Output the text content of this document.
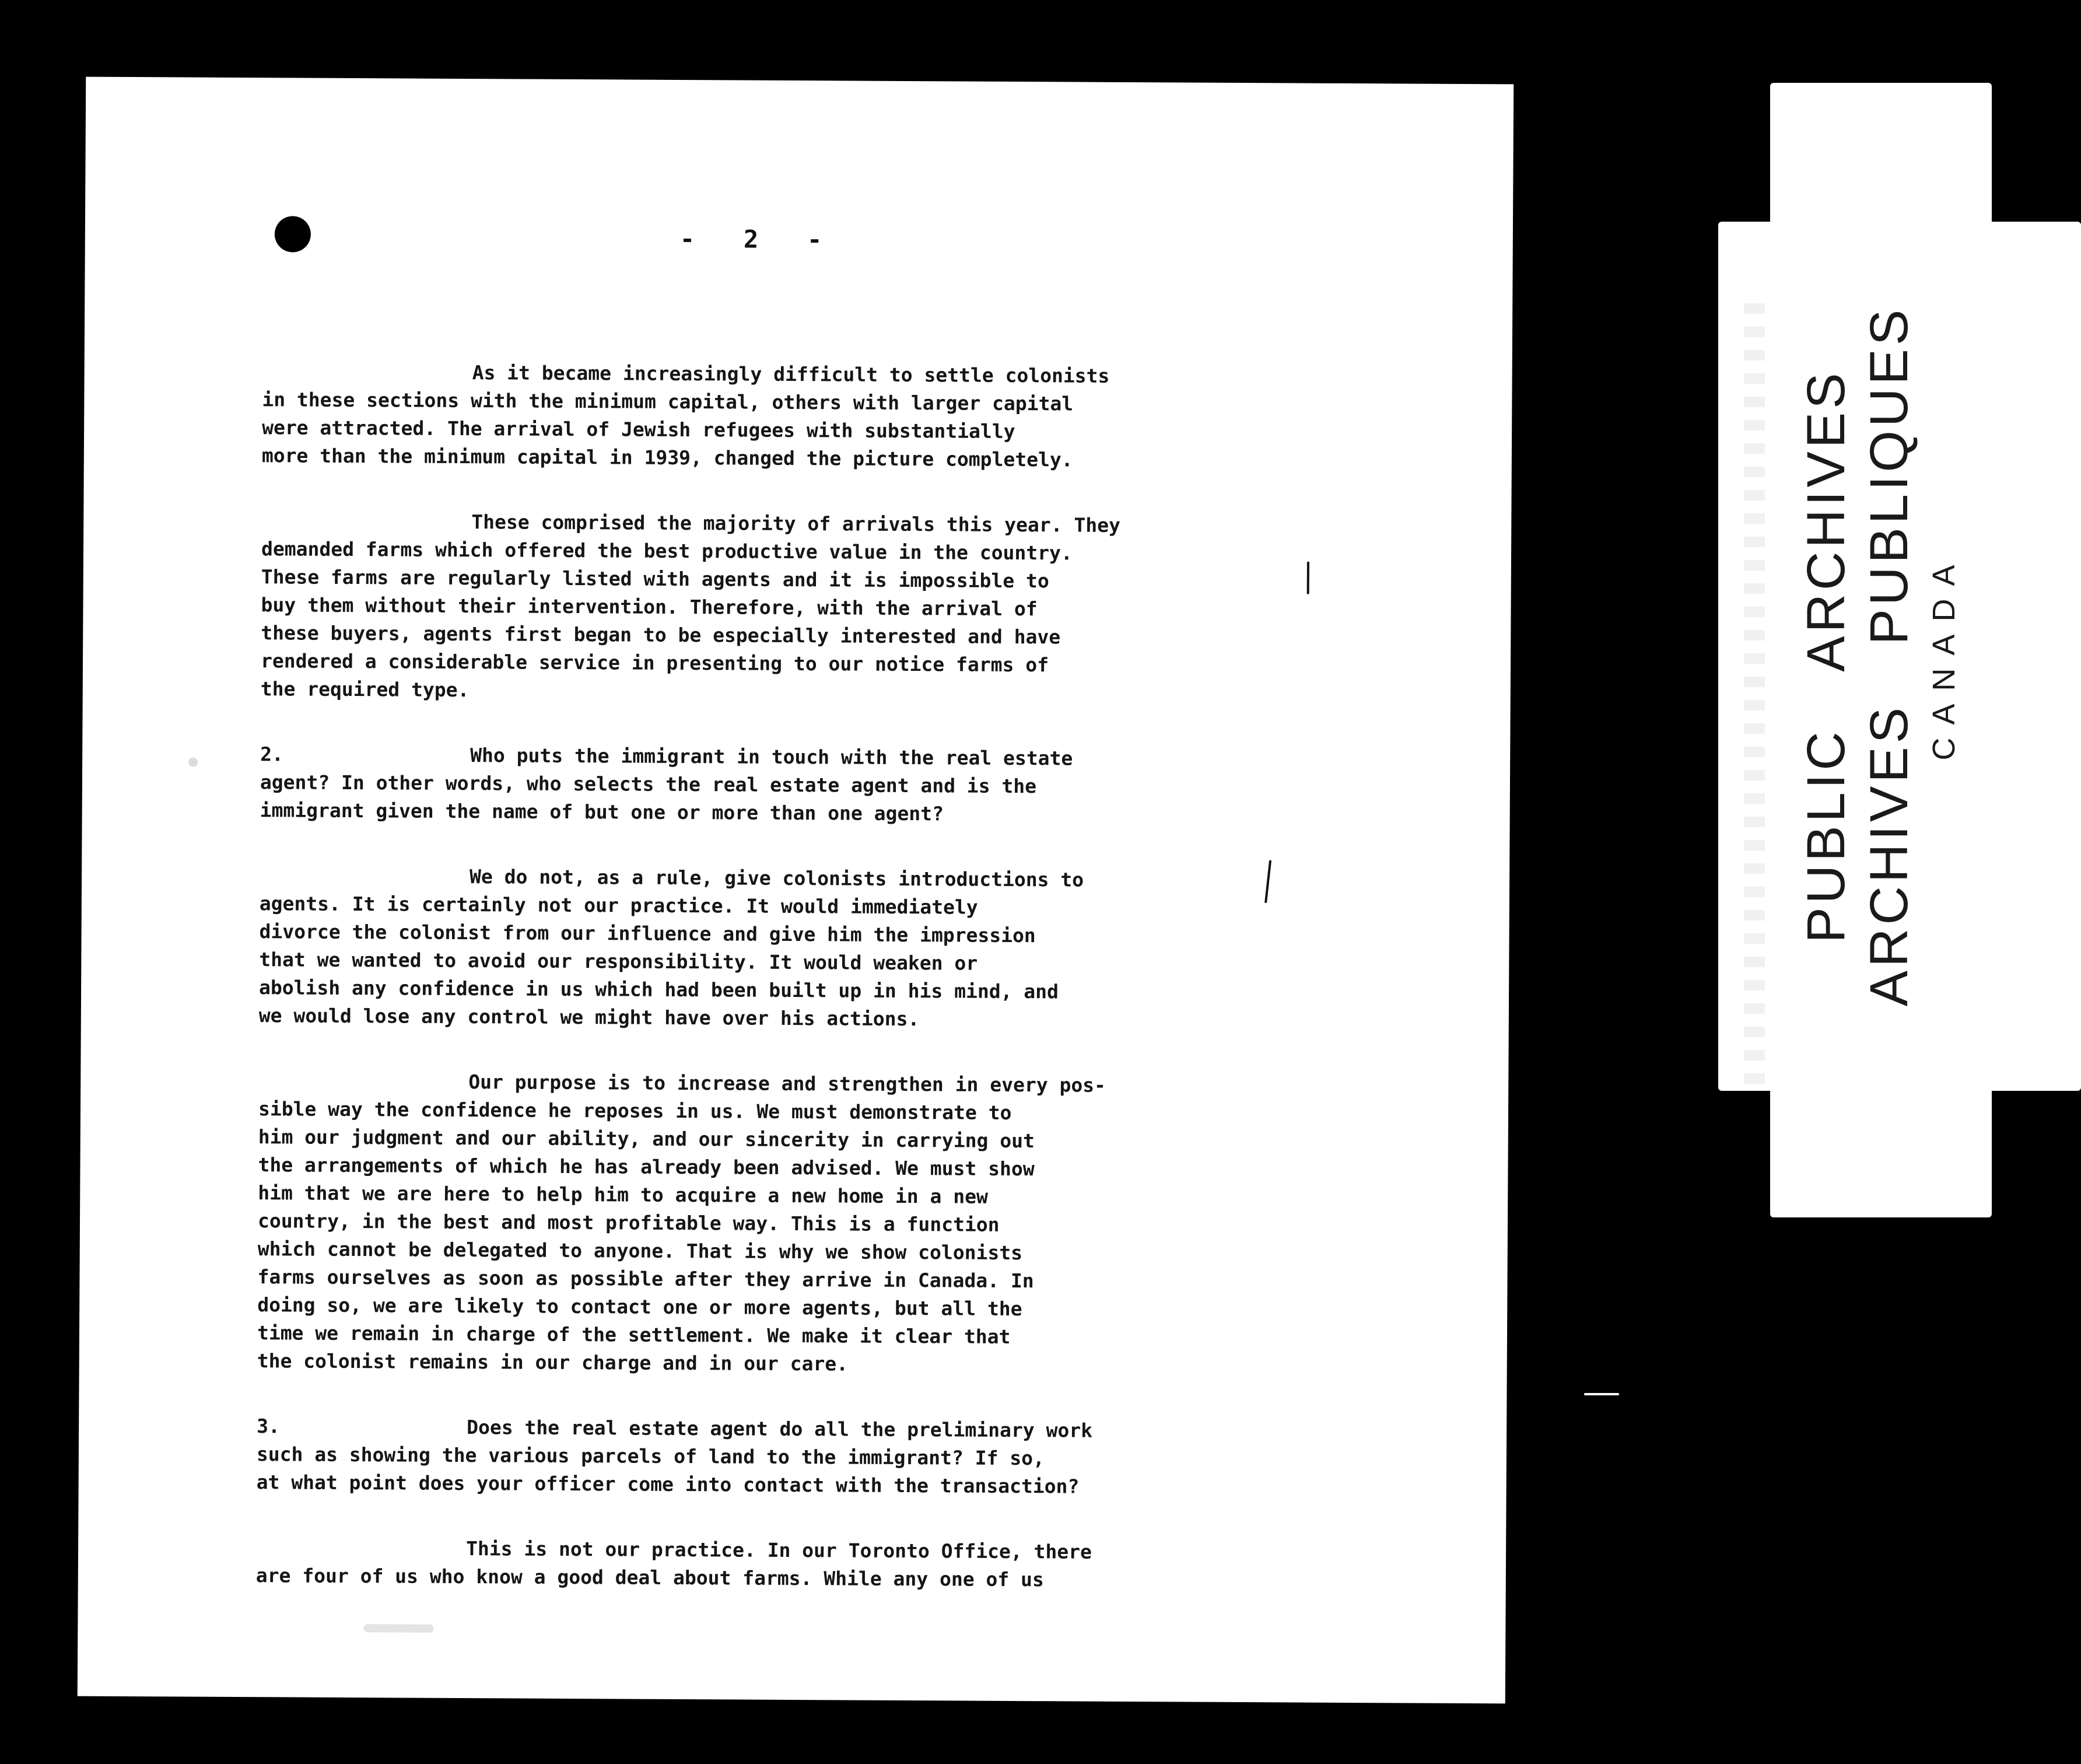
-   2   -

As it became increasingly difficult to settle colonists
in these sections with the minimum capital, others with larger capital
were attracted. The arrival of Jewish refugees with substantially
more than the minimum capital in 1939, changed the picture completely.

These comprised the majority of arrivals this year. They
demanded farms which offered the best productive value in the country.
These farms are regularly listed with agents and it is impossible to
buy them without their intervention. Therefore, with the arrival of
these buyers, agents first began to be especially interested and have
rendered a considerable service in presenting to our notice farms of
the required type.

2.	Who puts the immigrant in touch with the real estate
agent? In other words, who selects the real estate agent and is the
immigrant given the name of but one or more than one agent?

We do not, as a rule, give colonists introductions to
agents. It is certainly not our practice. It would immediately
divorce the colonist from our influence and give him the impression
that we wanted to avoid our responsibility. It would weaken or
abolish any confidence in us which had been built up in his mind, and
we would lose any control we might have over his actions.

Our purpose is to increase and strengthen in every pos-
sible way the confidence he reposes in us. We must demonstrate to
him our judgment and our ability, and our sincerity in carrying out
the arrangements of which he has already been advised. We must show
him that we are here to help him to acquire a new home in a new
country, in the best and most profitable way. This is a function
which cannot be delegated to anyone. That is why we show colonists
farms ourselves as soon as possible after they arrive in Canada. In
doing so, we are likely to contact one or more agents, but all the
time we remain in charge of the settlement. We make it clear that
the colonist remains in our charge and in our care.

3.	Does the real estate agent do all the preliminary work
such as showing the various parcels of land to the immigrant? If so,
at what point does your officer come into contact with the transaction?

This is not our practice. In our Toronto Office, there
are four of us who know a good deal about farms. While any one of us

PUBLIC ARCHIVES
ARCHIVES PUBLIQUES
CANADA
